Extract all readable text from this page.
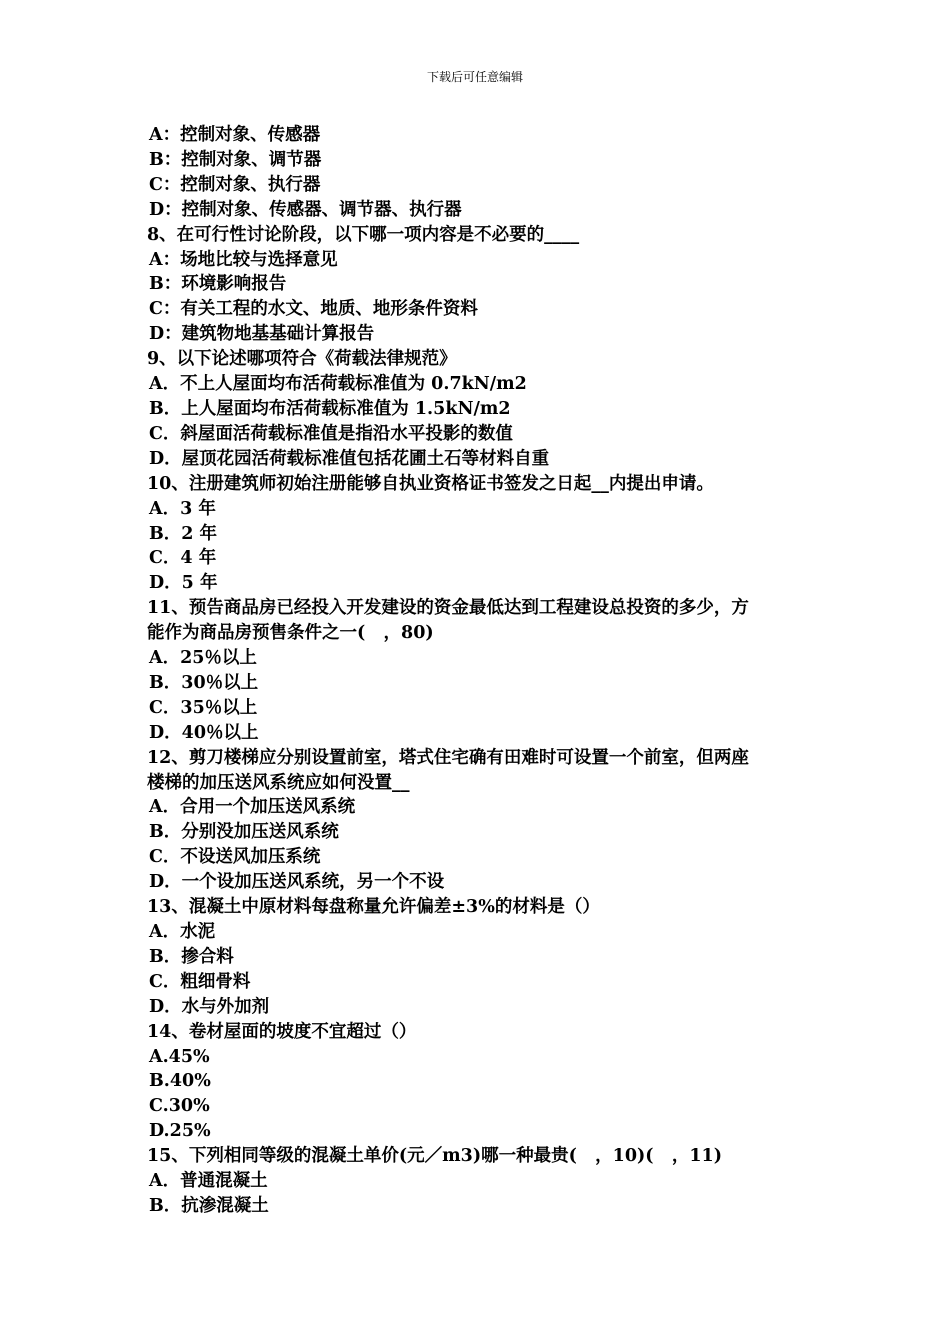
下载后可任意编辑
A：控制对象、传感器
B：控制对象、调节器
C：控制对象、执行器
D：控制对象、传感器、调节器、执行器
8、在可行性讨论阶段，以下哪一项内容是不必要的____
A：场地比较与选择意见
B：环境影响报告
C：有关工程的水文、地质、地形条件资料
D：建筑物地基基础计算报告
9、以下论述哪项符合《荷载法律规范》
A．不上人屋面均布活荷载标准值为 0.7kN/m2
B．上人屋面均布活荷载标准值为 1.5kN/m2
C．斜屋面活荷载标准值是指沿水平投影的数值
D．屋顶花园活荷载标准值包括花圃土石等材料自重
10、注册建筑师初始注册能够自执业资格证书签发之日起__内提出申请。
A．3 年
B．2 年
C．4 年
D．5 年
11、预告商品房已经投入开发建设的资金最低达到工程建设总投资的多少，方
能作为商品房预售条件之一(   ，80)
A．25％以上
B．30％以上
C．35％以上
D．40％以上
12、剪刀楼梯应分别设置前室，塔式住宅确有田难时可设置一个前室，但两座
楼梯的加压送风系统应如何没置__
A．合用一个加压送风系统
B．分别没加压送风系统
C．不设送风加压系统
D．一个设加压送风系统，另一个不设
13、混凝土中原材料每盘称量允许偏差±3%的材料是（）
A．水泥
B．掺合料
C．粗细骨料
D．水与外加剂
14、卷材屋面的坡度不宜超过（）
A.45%
B.40%
C.30%
D.25%
15、下列相同等级的混凝土单价(元／m3)哪一种最贵(   ，10)(   ，11)
A．普通混凝土
B．抗渗混凝土
